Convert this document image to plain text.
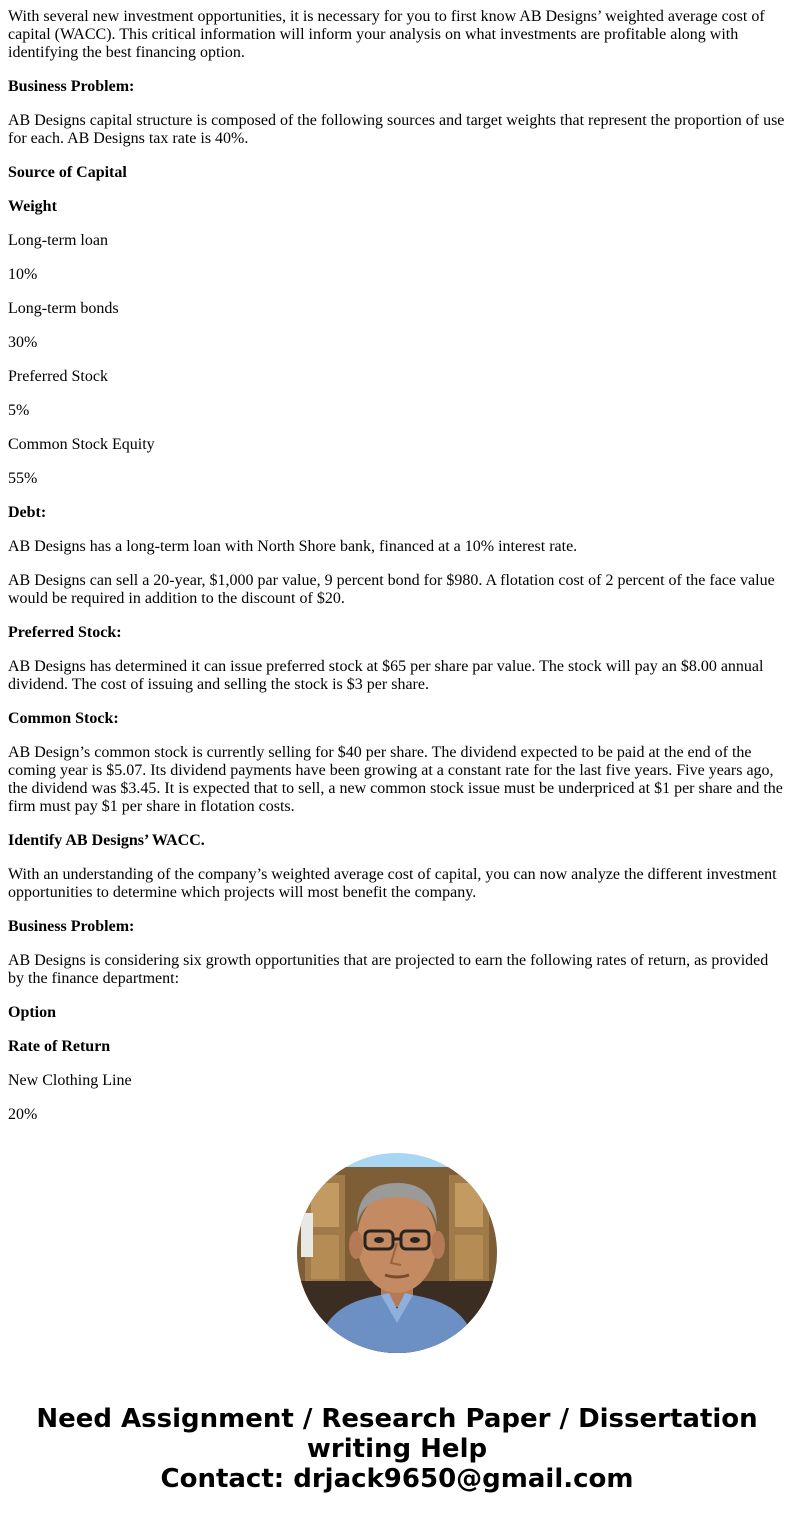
With several new investment opportunities, it is necessary for you to first know AB Designs’ weighted average cost of capital (WACC). This critical information will inform your analysis on what investments are profitable along with identifying the best financing option.

Business Problem:

AB Designs capital structure is composed of the following sources and target weights that represent the proportion of use for each. AB Designs tax rate is 40%.

Source of Capital

Weight

Long-term loan

10%

Long-term bonds

30%

Preferred Stock

5%

Common Stock Equity

55%

Debt:

AB Designs has a long-term loan with North Shore bank, financed at a 10% interest rate.

AB Designs can sell a 20-year, $1,000 par value, 9 percent bond for $980. A flotation cost of 2 percent of the face value would be required in addition to the discount of $20.

Preferred Stock:

AB Designs has determined it can issue preferred stock at $65 per share par value. The stock will pay an $8.00 annual dividend. The cost of issuing and selling the stock is $3 per share.

Common Stock:

AB Design’s common stock is currently selling for $40 per share. The dividend expected to be paid at the end of the coming year is $5.07. Its dividend payments have been growing at a constant rate for the last five years. Five years ago, the dividend was $3.45. It is expected that to sell, a new common stock issue must be underpriced at $1 per share and the firm must pay $1 per share in flotation costs.

Identify AB Designs’ WACC.

With an understanding of the company’s weighted average cost of capital, you can now analyze the different investment opportunities to determine which projects will most benefit the company.

Business Problem:

AB Designs is considering six growth opportunities that are projected to earn the following rates of return, as provided by the finance department:

Option

Rate of Return

New Clothing Line

20%

Need Assignment / Research Paper / Dissertation
writing Help
Contact: drjack9650@gmail.com
